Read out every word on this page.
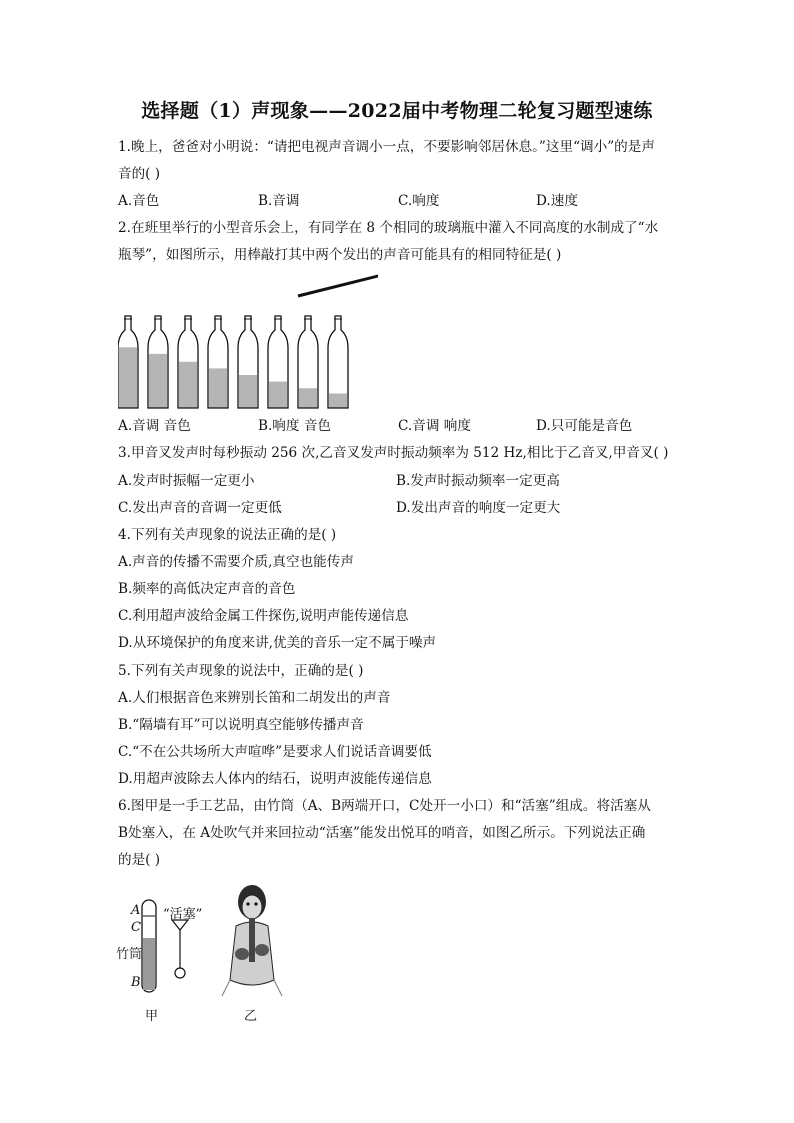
选择题（1）声现象——2022届中考物理二轮复习题型速练
1.晚上，爸爸对小明说：“请把电视声音调小一点，不要影响邻居休息。”这里“调小”的是声
音的( )
A.音色	B.音调	C.响度	D.速度
2.在班里举行的小型音乐会上，有同学在 8 个相同的玻璃瓶中灌入不同高度的水制成了“水
瓶琴”，如图所示，用棒敲打其中两个发出的声音可能具有的相同特征是( )
A.音调 音色	B.响度 音色	C.音调 响度	D.只可能是音色
3.甲音叉发声时每秒振动 256 次,乙音叉发声时振动频率为 512 Hz,相比于乙音叉,甲音叉( )
A.发声时振幅一定更小	B.发声时振动频率一定更高
C.发出声音的音调一定更低	D.发出声音的响度一定更大
4.下列有关声现象的说法正确的是( )
A.声音的传播不需要介质,真空也能传声
B.频率的高低决定声音的音色
C.利用超声波给金属工件探伤,说明声能传递信息
D.从环境保护的角度来讲,优美的音乐一定不属于噪声
5.下列有关声现象的说法中，正确的是( )
A.人们根据音色来辨别长笛和二胡发出的声音
B.“隔墙有耳”可以说明真空能够传播声音
C.“不在公共场所大声喧哗”是要求人们说话音调要低
D.用超声波除去人体内的结石，说明声波能传递信息
6.图甲是一手工艺品，由竹筒（A、B两端开口，C处开一小口）和“活塞”组成。将活塞从
B处塞入，在 A处吹气并来回拉动“活塞”能发出悦耳的哨音，如图乙所示。下列说法正确
的是( )
A
C
竹筒
B
“活塞”
甲	乙
